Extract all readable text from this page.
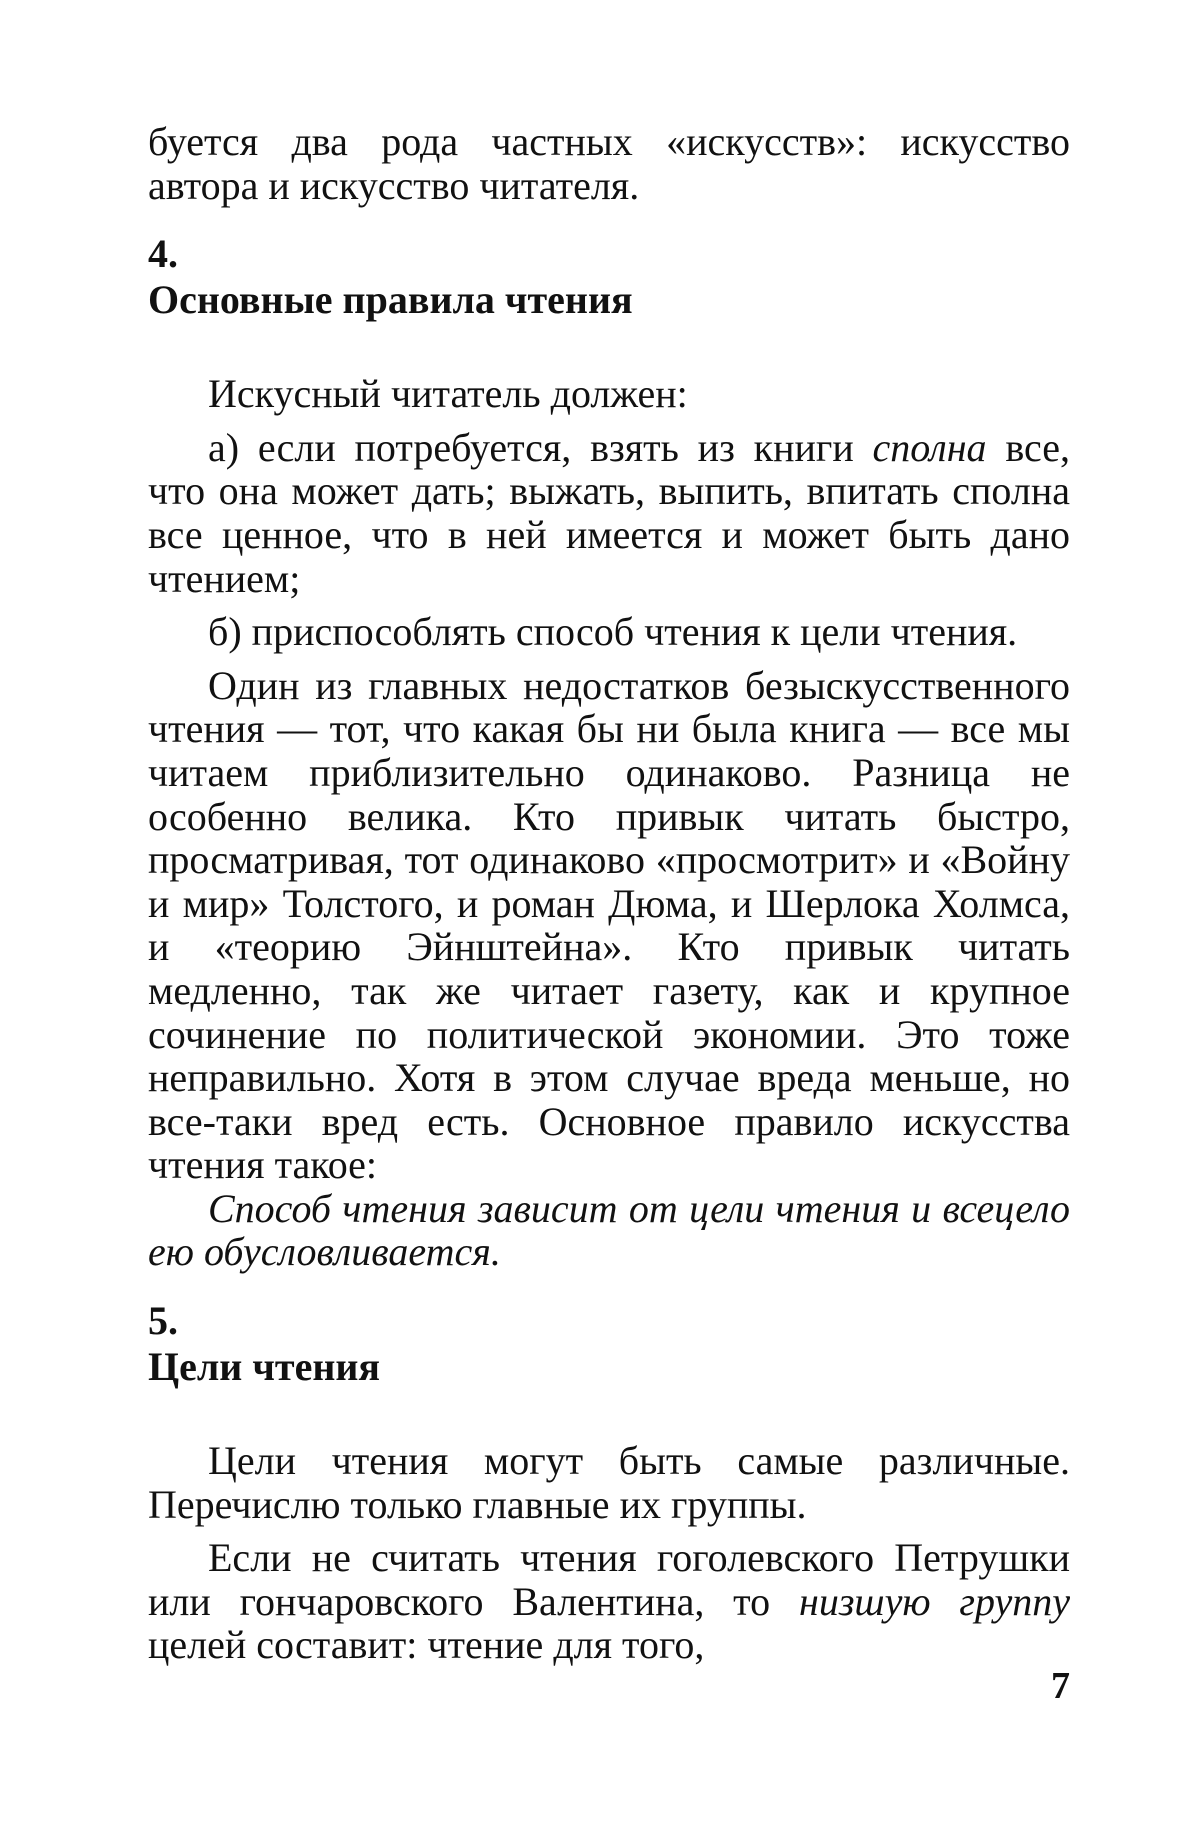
буется два рода частных «искусств»: искусство автора и искусство читателя.

4.

Основные правила чтения

Искусный читатель должен:

а) если потребуется, взять из книги сполна все, что она может дать; выжать, выпить, впитать сполна все ценное, что в ней имеется и может быть дано чтением;

б) приспособлять способ чтения к цели чтения.

Один из главных недостатков безыскусственного чтения — тот, что какая бы ни была книга — все мы читаем приблизительно одинаково. Разница не особенно велика. Кто привык читать быстро, просматривая, тот одинаково «просмотрит» и «Войну и мир» Толстого, и роман Дюма, и Шерлока Холмса, и «теорию Эйнштейна». Кто привык читать медленно, так же читает газету, как и крупное сочинение по политической экономии. Это тоже неправильно. Хотя в этом случае вреда меньше, но все-таки вред есть. Основное правило искусства чтения такое:

Способ чтения зависит от цели чтения и всецело ею обусловливается.

5.

Цели чтения

Цели чтения могут быть самые различные. Перечислю только главные их группы.

Если не считать чтения гоголевского Петрушки или гончаровского Валентина, то низшую группу целей составит: чтение для того,

7
